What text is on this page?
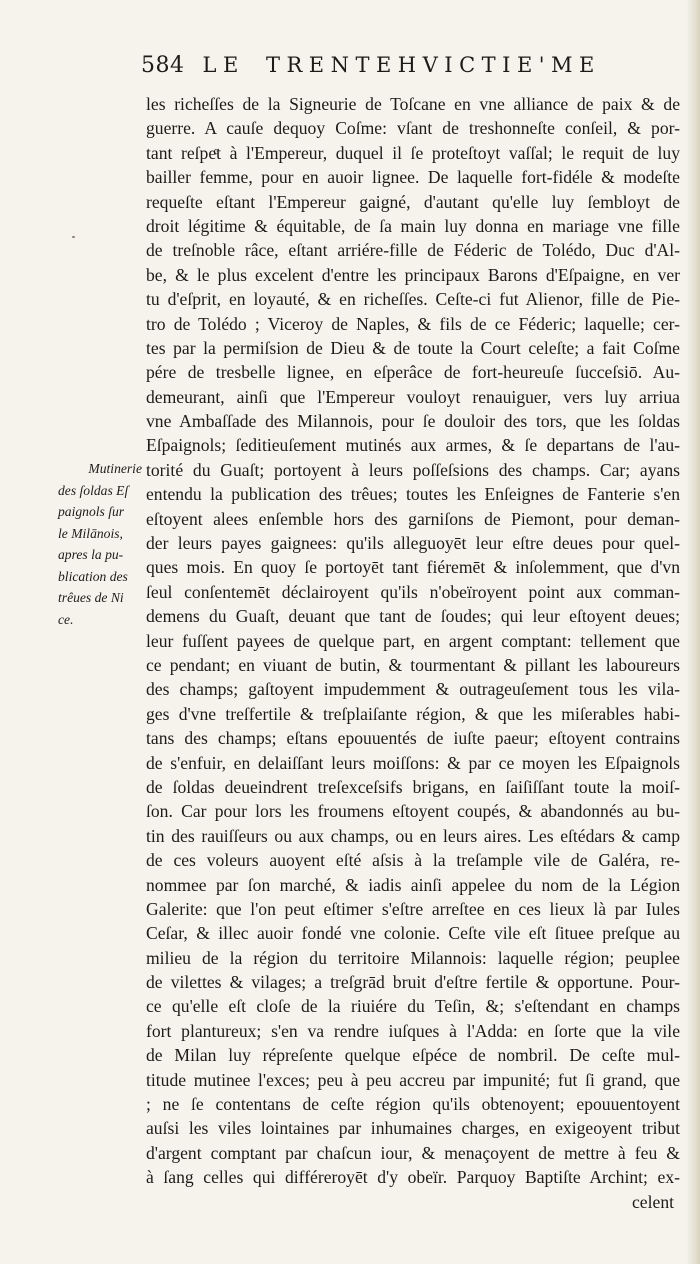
584 LE TRENTEHVICTIE'ME
Mutinerie
des ſoldas Eſ
paignols ſur
le Milānois,
apres la pu-
blication des
trêues de Ni
ce.
les richeſſes de la Signeurie de Toſcane en vne alliance de paix & de
guerre. A cauſe dequoy Coſme: vſant de treshonneſte conſeil, & por-
tant reſpeͨt à l'Empereur, duquel il ſe proteſtoyt vaſſal; le requit de luy
bailler femme, pour en auoir lignee. De laquelle fort-fidéle & modeſte
requeſte eſtant l'Empereur gaigné, d'autant qu'elle luy ſembloyt de
droit légitime & équitable, de ſa main luy donna en mariage vne fille
de treſnoble râce, eſtant arriére-fille de Féderic de Tolédo, Duc d'Al-
be, & le plus excelent d'entre les principaux Barons d'Eſpaigne, en ver
tu d'eſprit, en loyauté, & en richeſſes. Ceſte-ci fut Alienor, fille de Pie-
tro de Tolédo ; Viceroy de Naples, & fils de ce Féderic; laquelle; cer-
tes par la permiſsion de Dieu & de toute la Court celeſte; a fait Coſme
pére de tresbelle lignee, en eſperâce de fort-heureuſe ſucceſsiō. Au-
demeurant, ainſi que l'Empereur vouloyt renauiguer, vers luy arriua
vne Ambaſſade des Milannois, pour ſe douloir des tors, que les ſoldas
Eſpaignols; ſeditieuſement mutinés aux armes, & ſe departans de l'au-
torité du Guaſt; portoyent à leurs poſſeſsions des champs. Car; ayans
entendu la publication des trêues; toutes les Enſeignes de Fanterie s'en
eſtoyent alees enſemble hors des garniſons de Piemont, pour deman-
der leurs payes gaignees: qu'ils alleguoyēt leur eſtre deues pour quel-
ques mois. En quoy ſe portoyēt tant fiéremēt & inſolemment, que d'vn
ſeul conſentemēt déclairoyent qu'ils n'obeïroyent point aux comman-
demens du Guaſt, deuant que tant de ſoudes; qui leur eſtoyent deues;
leur fuſſent payees de quelque part, en argent comptant: tellement que
ce pendant; en viuant de butin, & tourmentant & pillant les laboureurs
des champs; gaſtoyent impudemment & outrageuſement tous les vila-
ges d'vne treſfertile & treſplaiſante région, & que les miſerables habi-
tans des champs; eſtans epouuentés de iuſte paeur; eſtoyent contrains
de s'enfuir, en delaiſſant leurs moiſſons: & par ce moyen les Eſpaignols
de ſoldas deueindrent treſexceſsifs brigans, en ſaiſiſſant toute la moiſ-
ſon. Car pour lors les froumens eſtoyent coupés, & abandonnés au bu-
tin des rauiſſeurs ou aux champs, ou en leurs aires. Les eſtédars & camp
de ces voleurs auoyent eſté aſsis à la treſample vile de Galéra, re-
nommee par ſon marché, & iadis ainſi appelee du nom de la Légion
Galerite: que l'on peut eſtimer s'eſtre arreſtee en ces lieux là par Iules
Ceſar, & illec auoir fondé vne colonie. Ceſte vile eſt ſituee preſque au
milieu de la région du territoire Milannois: laquelle région; peuplee
de vilettes & vilages; a treſgrād bruit d'eſtre fertile & opportune. Pour-
ce qu'elle eſt cloſe de la riuiére du Teſin, &; s'eſtendant en champs
fort plantureux; s'en va rendre iuſques à l'Adda: en ſorte que la vile
de Milan luy répreſente quelque eſpéce de nombril. De ceſte mul-
titude mutinee l'exces; peu à peu accreu par impunité; fut ſi grand, que
; ne ſe contentans de ceſte région qu'ils obtenoyent; epouuentoyent
auſsi les viles lointaines par inhumaines charges, en exigeoyent tribut
d'argent comptant par chaſcun iour, & menaçoyent de mettre à feu &
à ſang celles qui différeroyēt d'y obeïr. Parquoy Baptiſte Archint; ex-
celent
